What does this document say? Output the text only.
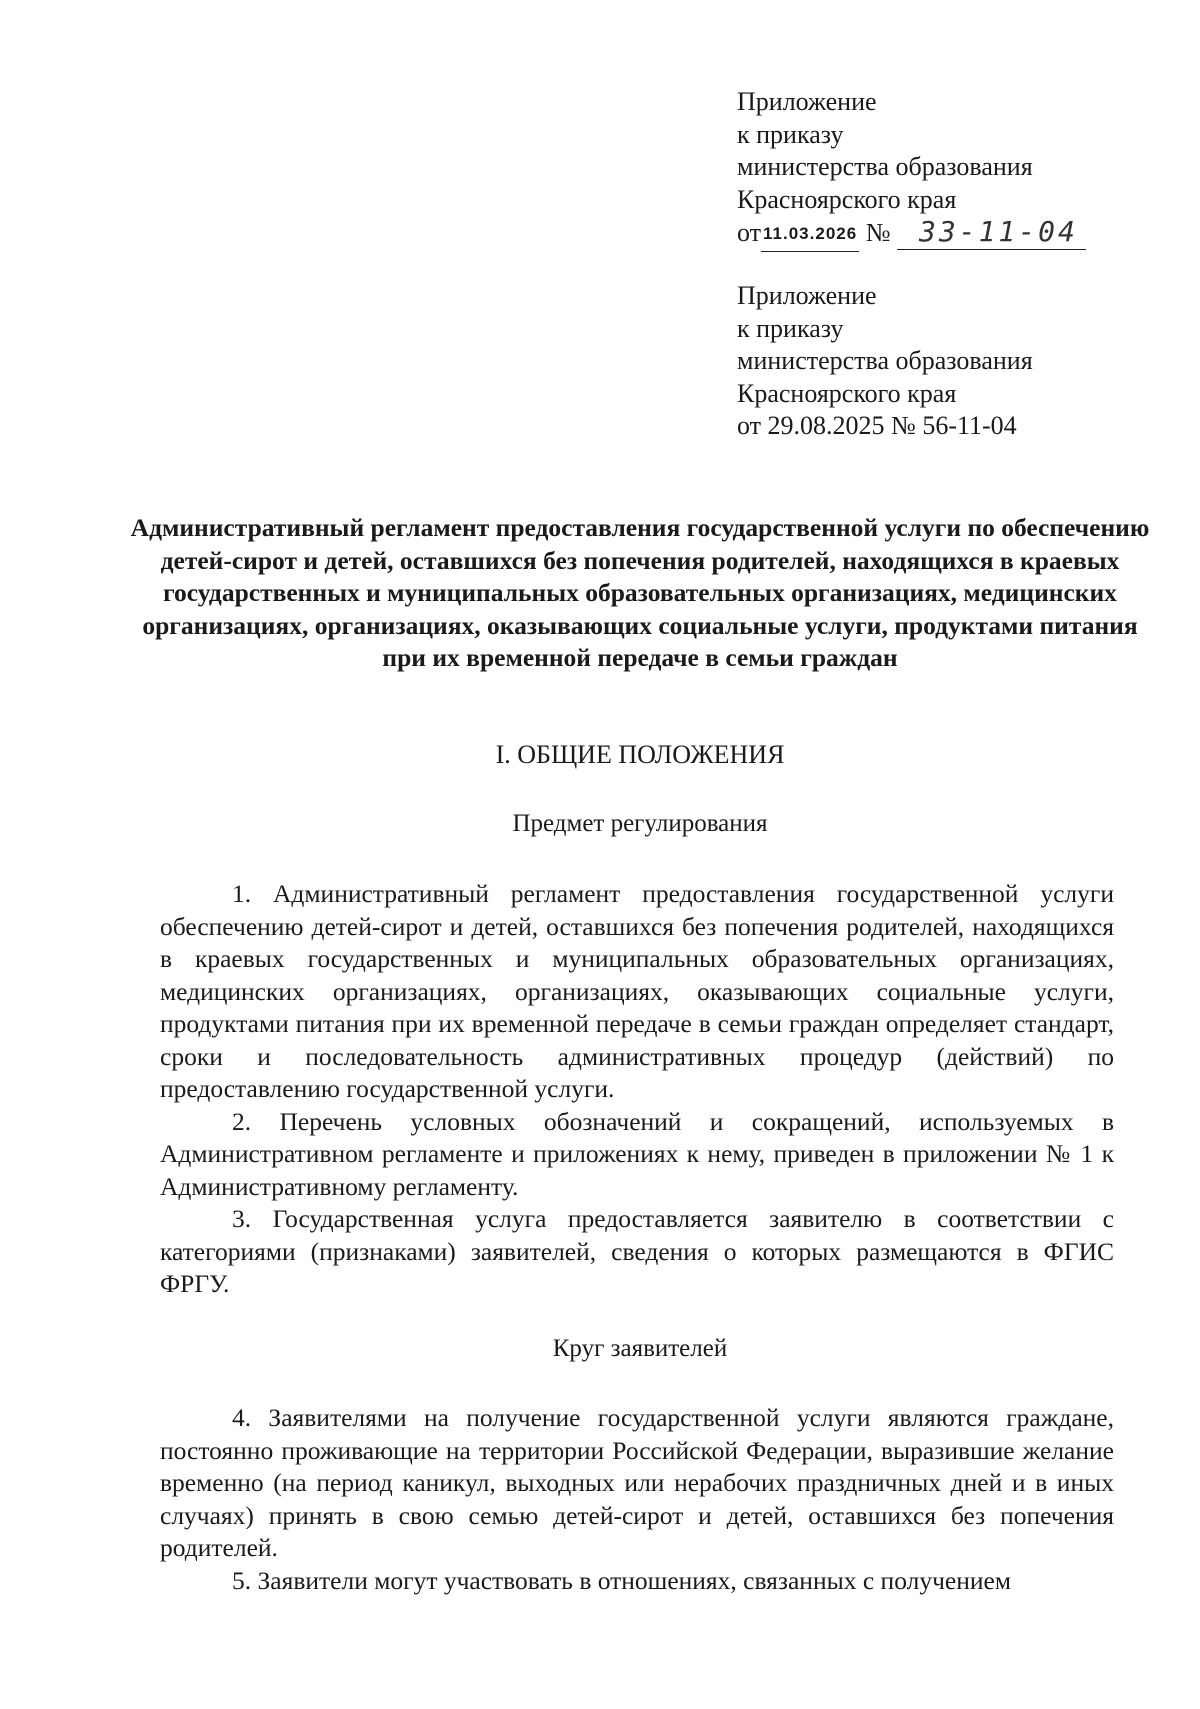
Приложение
к приказу
министерства образования
Красноярского края
от 11.03.2026 № 33-11-04
Приложение
к приказу
министерства образования
Красноярского края
от 29.08.2025 № 56-11-04
Административный регламент предоставления государственной услуги по обеспечению детей-сирот и детей, оставшихся без попечения родителей, находящихся в краевых государственных и муниципальных образовательных организациях, медицинских организациях, организациях, оказывающих социальные услуги, продуктами питания при их временной передаче в семьи граждан
I. ОБЩИЕ ПОЛОЖЕНИЯ
Предмет регулирования

1. Административный регламент предоставления государственной услуги обеспечению детей-сирот и детей, оставшихся без попечения родителей, находящихся в краевых государственных и муниципальных образовательных организациях, медицинских организациях, организациях, оказывающих социальные услуги, продуктами питания при их временной передаче в семьи граждан определяет стандарт, сроки и последовательность административных процедур (действий) по предоставлению государственной услуги.

2. Перечень условных обозначений и сокращений, используемых в Административном регламенте и приложениях к нему, приведен в приложении № 1 к Административному регламенту.

3. Государственная услуга предоставляется заявителю в соответствии с категориями (признаками) заявителей, сведения о которых размещаются в ФГИС ФРГУ.

Круг заявителей

4. Заявителями на получение государственной услуги являются граждане, постоянно проживающие на территории Российской Федерации, выразившие желание временно (на период каникул, выходных или нерабочих праздничных дней и в иных случаях) принять в свою семью детей-сирот и детей, оставшихся без попечения родителей.

5. Заявители могут участвовать в отношениях, связанных с получением
